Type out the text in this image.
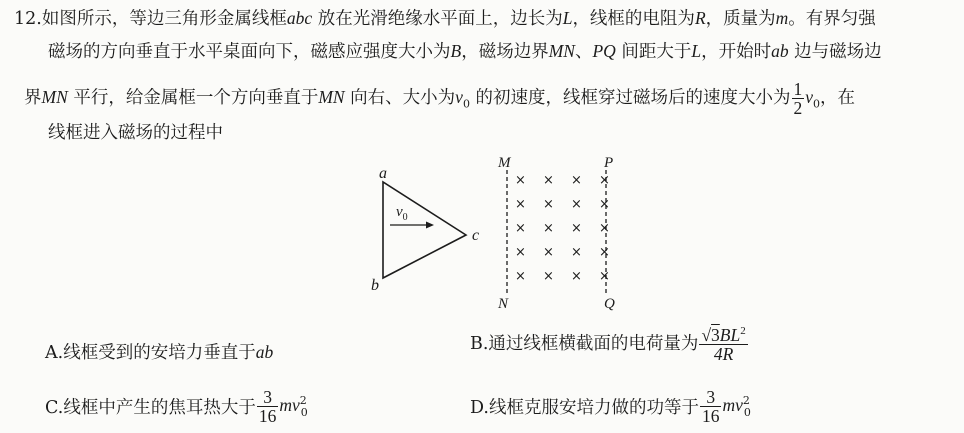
12.如图所示，等边三角形金属线框abc 放在光滑绝缘水平面上，边长为L，线框的电阻为R，质量为m。有界匀强
磁场的方向垂直于水平桌面向下，磁感应强度大小为B，磁场边界MN、PQ 间距大于L，开始时ab 边与磁场边
界MN 平行，给金属框一个方向垂直于MN 向右、大小为$v_0$ 的初速度，线框穿过磁场后的速度大小为 $\frac{1}{2} v_0$，在
线框进入磁场的过程中
$v_0$
a
b
c
M
N
P
Q
× × × ×
× × × ×
× × × ×
× × × ×
× × × ×
A.线框受到的安培力垂直于ab	B.通过线框横截面的电荷量为 $\frac{√3BL^2}{4R}$
C.线框中产生的焦耳热大于 $\frac{3}{16} mv^2_0$	D.线框克服安培力做的功等于 $\frac{3}{16} mv^2_0$
